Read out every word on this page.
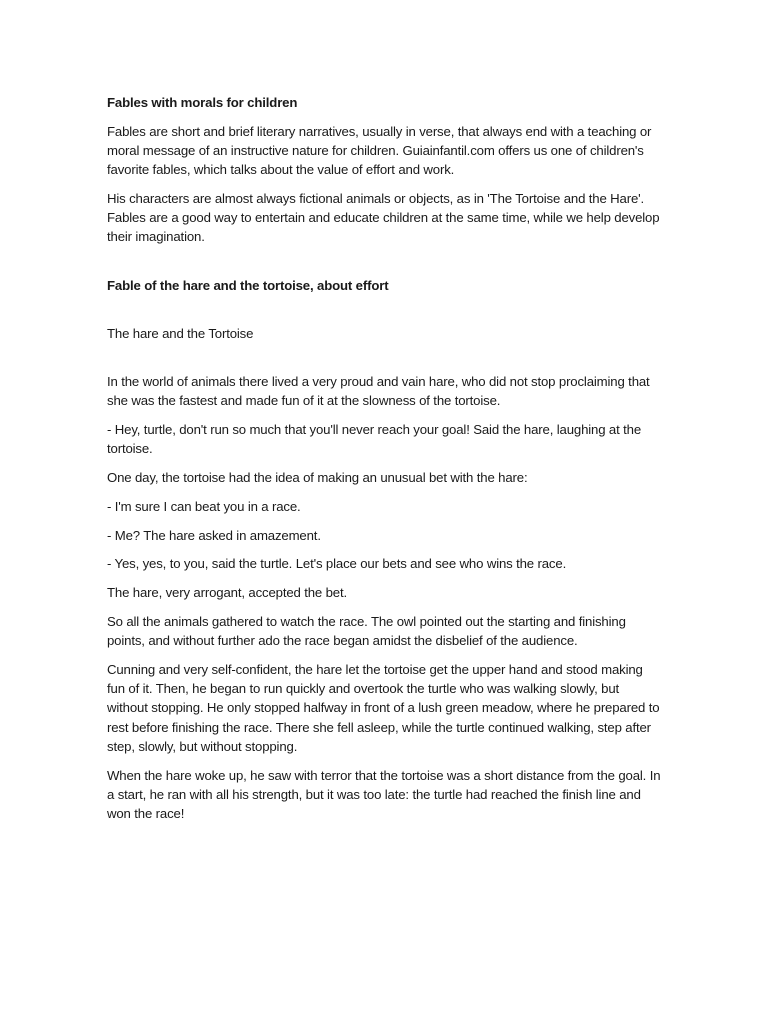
Fables with morals for children

Fables are short and brief literary narratives, usually in verse, that always end with a teaching or moral message of an instructive nature for children. Guiainfantil.com offers us one of children's favorite fables, which talks about the value of effort and work.

His characters are almost always fictional animals or objects, as in 'The Tortoise and the Hare'. Fables are a good way to entertain and educate children at the same time, while we help develop their imagination.

Fable of the hare and the tortoise, about effort

The hare and the Tortoise

In the world of animals there lived a very proud and vain hare, who did not stop proclaiming that she was the fastest and made fun of it at the slowness of the tortoise.

- Hey, turtle, don't run so much that you'll never reach your goal! Said the hare, laughing at the tortoise.

One day, the tortoise had the idea of making an unusual bet with the hare:

- I'm sure I can beat you in a race.

- Me? The hare asked in amazement.

- Yes, yes, to you, said the turtle. Let's place our bets and see who wins the race.

The hare, very arrogant, accepted the bet.

So all the animals gathered to watch the race. The owl pointed out the starting and finishing points, and without further ado the race began amidst the disbelief of the audience.

Cunning and very self-confident, the hare let the tortoise get the upper hand and stood making fun of it. Then, he began to run quickly and overtook the turtle who was walking slowly, but without stopping. He only stopped halfway in front of a lush green meadow, where he prepared to rest before finishing the race. There she fell asleep, while the turtle continued walking, step after step, slowly, but without stopping.

When the hare woke up, he saw with terror that the tortoise was a short distance from the goal. In a start, he ran with all his strength, but it was too late: the turtle had reached the finish line and won the race!
